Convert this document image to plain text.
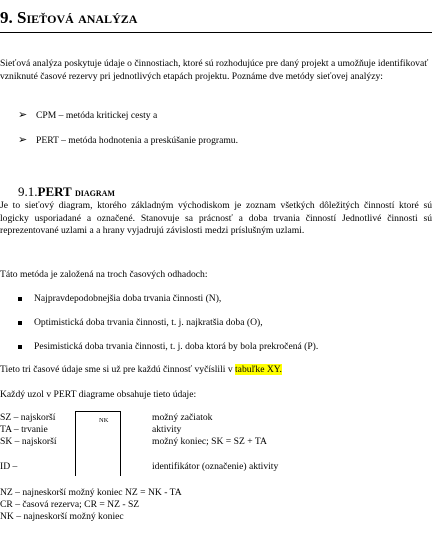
9. Sieťová analýza
Sieťová analýza poskytuje údaje o činnostiach, ktoré sú rozhodujúce pre daný projekt a umožňuje identifikovať vzniknuté časové rezervy pri jednotlivých etapách projektu. Poznáme dve metódy sieťovej analýzy:
➢ CPM – metóda kritickej cesty a
➢ PERT – metóda hodnotenia a preskúšanie programu.
9.1.PERT diagram
Je to sieťový diagram, ktorého základným východiskom je zoznam všetkých dôležitých činností ktoré sú logicky usporiadané a označené. Stanovuje sa prácnosť a doba trvania činností Jednotlivé činnosti sú reprezentované uzlami a a hrany vyjadrujú závislosti medzi príslušným uzlami.
Táto metóda je založená na troch časových odhadoch:
Najpravdepodobnejšia doba trvania činnosti (N),
Optimistická doba trvania činnosti, t. j. najkratšia doba (O),
Pesimistická doba trvania činnosti, t. j. doba ktorá by bola prekročená (P).
Tieto tri časové údaje sme si už pre každú činnosť vyčíslili v tabuľke XY.
Každý uzol v PERT diagrame obsahuje tieto údaje:
NK
SZ – najskorší
TA – trvanie
SK – najskorší
ID –
možný začiatok
aktivity
možný koniec; SK = SZ + TA
identifikátor (označenie) aktivity
NZ – najneskorší možný koniec NZ = NK - TA
CR – časová rezerva; CR = NZ - SZ
NK – najneskorší možný koniec
